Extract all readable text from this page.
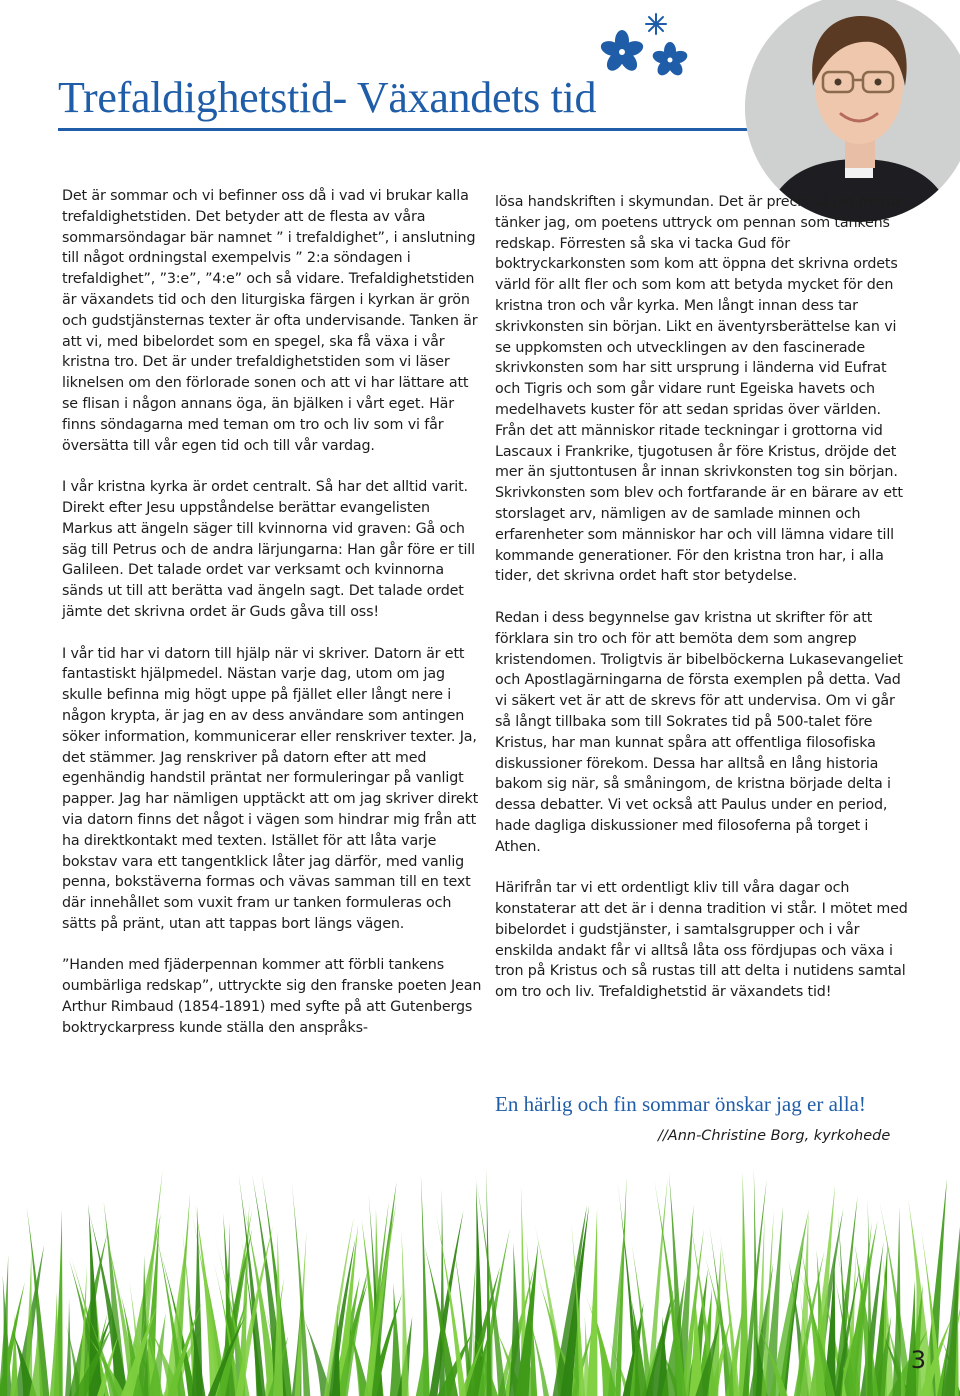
Trefaldighetstid- Växandets tid

Det är sommar och vi befinner oss då i vad vi brukar kalla trefaldighetstiden. Det betyder att de flesta av våra sommarsöndagar bär namnet ” i trefaldighet”, i anslutning till något ordningstal exempelvis ” 2:a söndagen i trefaldighet”, ”3:e”, ”4:e” och så vidare. Trefaldighetstiden är växandets tid och den liturgiska färgen i kyrkan är grön och gudstjänsternas texter är ofta undervisande. Tanken är att vi, med bibelordet som en spegel, ska få växa i vår kristna tro. Det är under trefaldighetstiden som vi läser liknelsen om den förlorade sonen och att vi har lättare att se flisan i någon annans öga, än bjälken i vårt eget. Här finns söndagarna med teman om tro och liv som vi får översätta till vår egen tid och till vår vardag.

I vår kristna kyrka är ordet centralt. Så har det alltid varit. Direkt efter Jesu uppståndelse berättar evangelisten Markus att ängeln säger till kvinnorna vid graven: Gå och säg till Petrus och de andra lärjungarna: Han går före er till Galileen. Det talade ordet var verksamt och kvinnorna sänds ut till att berätta vad ängeln sagt. Det talade ordet jämte det skrivna ordet är Guds gåva till oss!

I vår tid har vi datorn till hjälp när vi skriver. Datorn är ett fantastiskt hjälpmedel. Nästan varje dag, utom om jag skulle befinna mig högt uppe på fjället eller långt nere i någon krypta, är jag en av dess användare som antingen söker information, kommunicerar eller renskriver texter. Ja, det stämmer. Jag renskriver på datorn efter att med egenhändig handstil präntat ner formuleringar på vanligt papper. Jag har nämligen upptäckt att om jag skriver direkt via datorn finns det något i vägen som hindrar mig från att ha direktkontakt med texten. Istället för att låta varje bokstav vara ett tangentklick låter jag därför, med vanlig penna, bokstäverna formas och vävas samman till en text där innehållet som vuxit fram ur tanken formuleras och sätts på pränt, utan att tappas bort längs vägen.

”Handen med fjäderpennan kommer att förbli tankens oumbärliga redskap”, uttryckte sig den franske poeten Jean Arthur Rimbaud (1854-1891) med syfte på att Gutenbergs boktryckarpress kunde ställa den anspråks-

lösa handskriften i skymundan. Det är precis så jag menar, tänker jag, om poetens uttryck om pennan som tankens redskap. Förresten så ska vi tacka Gud för boktryckarkonsten som kom att öppna det skrivna ordets värld för allt fler och som kom att betyda mycket för den kristna tron och vår kyrka. Men långt innan dess tar skrivkonsten sin början. Likt en äventyrsberättelse kan vi se uppkomsten och utvecklingen av den fascinerade skrivkonsten som har sitt ursprung i länderna vid Eufrat och Tigris och som går vidare runt Egeiska havets och medelhavets kuster för att sedan spridas över världen. Från det att människor ritade teckningar i grottorna vid Lascaux i Frankrike, tjugotusen år före Kristus, dröjde det mer än sjuttontusen år innan skrivkonsten tog sin början. Skrivkonsten som blev och fortfarande är en bärare av ett storslaget arv, nämligen av de samlade minnen och erfarenheter som människor har och vill lämna vidare till kommande generationer. För den kristna tron har, i alla tider, det skrivna ordet haft stor betydelse.

Redan i dess begynnelse gav kristna ut skrifter för att förklara sin tro och för att bemöta dem som angrep kristendomen. Troligtvis är bibelböckerna Lukasevangeliet och Apostlagärningarna de första exemplen på detta. Vad vi säkert vet är att de skrevs för att undervisa. Om vi går så långt tillbaka som till Sokrates tid på 500-talet före Kristus, har man kunnat spåra att offentliga filosofiska diskussioner förekom. Dessa har alltså en lång historia bakom sig när, så småningom, de kristna började delta i dessa debatter. Vi vet också att Paulus under en period, hade dagliga diskussioner med filosoferna på torget i Athen.

Härifrån tar vi ett ordentligt kliv till våra dagar och konstaterar att det är i denna tradition vi står. I mötet med bibelordet i gudstjänster, i samtalsgrupper och i vår enskilda andakt får vi alltså låta oss fördjupas och växa i tron på Kristus och så rustas till att delta i nutidens samtal om tro och liv. Trefaldighetstid är växandets tid!

En härlig och fin sommar önskar jag er alla!
//Ann-Christine Borg, kyrkohede
3
